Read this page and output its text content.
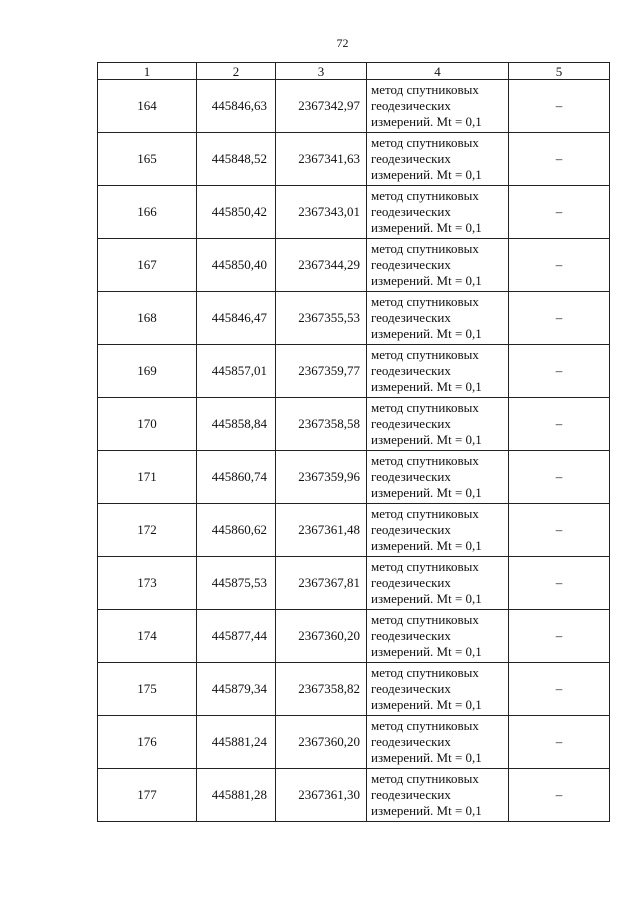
72
1	2	3	4	5
164	445846,63	2367342,97	метод спутниковых
геодезических
измерений. Mt = 0,1	–
165	445848,52	2367341,63	метод спутниковых
геодезических
измерений. Mt = 0,1	–
166	445850,42	2367343,01	метод спутниковых
геодезических
измерений. Mt = 0,1	–
167	445850,40	2367344,29	метод спутниковых
геодезических
измерений. Mt = 0,1	–
168	445846,47	2367355,53	метод спутниковых
геодезических
измерений. Mt = 0,1	–
169	445857,01	2367359,77	метод спутниковых
геодезических
измерений. Mt = 0,1	–
170	445858,84	2367358,58	метод спутниковых
геодезических
измерений. Mt = 0,1	–
171	445860,74	2367359,96	метод спутниковых
геодезических
измерений. Mt = 0,1	–
172	445860,62	2367361,48	метод спутниковых
геодезических
измерений. Mt = 0,1	–
173	445875,53	2367367,81	метод спутниковых
геодезических
измерений. Mt = 0,1	–
174	445877,44	2367360,20	метод спутниковых
геодезических
измерений. Mt = 0,1	–
175	445879,34	2367358,82	метод спутниковых
геодезических
измерений. Mt = 0,1	–
176	445881,24	2367360,20	метод спутниковых
геодезических
измерений. Mt = 0,1	–
177	445881,28	2367361,30	метод спутниковых
геодезических
измерений. Mt = 0,1	–
